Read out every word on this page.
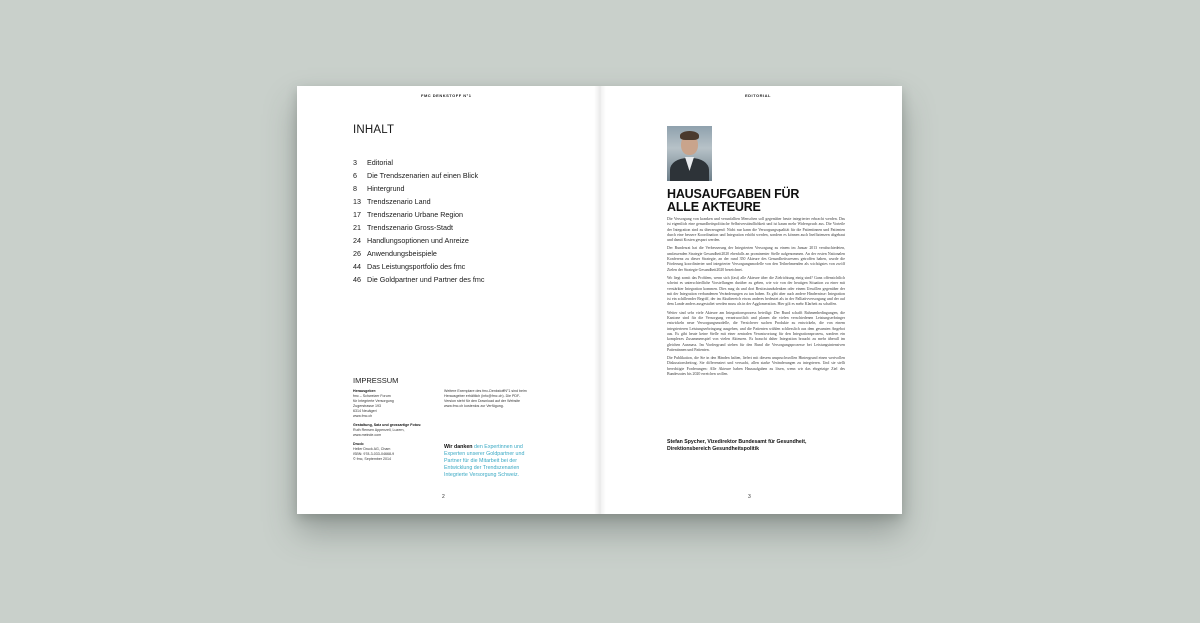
FMC DENKSTOFF N°1
INHALT
3 Editorial
6 Die Trendszenarien auf einen Blick
8 Hintergrund
13 Trendszenario Land
17 Trendszenario Urbane Region
21 Trendszenario Gross-Stadt
24 Handlungsoptionen und Anreize
26 Anwendungsbeispiele
44 Das Leistungsportfolio des fmc
46 Die Goldpartner und Partner des fmc
IMPRESSUM
Herausgeber:
fmc – Schweizer Forum
für Integrierte Versorgung
Zugerstrasse 193
6314 Neuägeri
www.fmc.ch
Gestaltung, Satz und grossartige Fotos:
Ruth Rensen Appenzell, Luzern,
www.meinde.com
Druck:
Heller Druck AG, Cham
ISBN: 978-3-033-04668-9
© fmc, September 2014
Weitere Exemplare des fmc-DenkstoffN°1 sind beim Herausgeber erhältlich (info@fmc.ch). Die PDF-Version steht für den Download auf der Website www.fmc.ch kostenlos zur Verfügung.
Wir danken den Expertinnen und Experten unserer Goldpartner und Partner für die Mitarbeit bei der Entwicklung der Trendszenarien Integrierte Versorgung Schweiz.
2
EDITORIAL
HAUSAUFGABEN FÜR
ALLE AKTEURE

Die Versorgung von kranken und verunfallten Menschen soll gegenüber heute integrierter erbracht werden. Das ist eigentlich eine gesundheitspolitische Selbstverständlichkeit und ist kaum mehr Widerspruch aus. Die Vorteile der Integration sind zu überzeugend: Nicht nur kann die Versorgungsqualität für die Patientinnen und Patienten durch eine bessere Koordination und Integration erhöht werden, sondern es können auch Ineffizienzen abgebaut und damit Kosten gespart werden.

Der Bundesrat hat die Verbesserung der Integrierten Versorgung zu einem im Januar 2013 verabschiedeten, umfassenden Strategie Gesundheit2020 ebenfalls an prominenter Stelle aufgenommen. An der ersten Nationalen Konferenz zu dieser Strategie, an der rund 350 Akteure des Gesundheitswesens getroffen haben, wurde die Förderung koordinierter und integrierter Versorgungsmodelle von den Teilnehmenden als wichtigstes von zwölf Zielen der Strategie Gesundheit2020 bezeichnet.

Wo liegt somit das Problem, wenn sich (fast) alle Akteure über die Zielrichtung einig sind? Ganz offensichtlich scheint es unterschiedliche Vorstellungen darüber zu geben, wie wir von der heutigen Situation zu einer mit verstärkter Integration kommen. Dies mag da und dort Besitzstandsdenken oder einem Unwillen gegenüber der mit der Integration verbundenen Veränderungen zu tun haben. Es gibt aber auch andere Hindernisse: Integration ist ein schillernder Begriff, der im Akutbereich etwas anderes bedeutet als in der Palliativversorgung und der auf dem Lande anders ausgestaltet werden muss als in der Agglomeration. Hier gilt es mehr Klarheit zu schaffen.

Weiter sind sehr viele Akteure am Integrationsprozess beteiligt: Der Bund schafft Rahmenbedingungen, die Kantone sind für die Versorgung verantwortlich und planen die vielen verschiedenen Leistungserbringer entwickeln neue Versorgungsmodelle, die Versicherer suchen Produkte zu entwickeln, die von einem integrierteren Leistungserbringung ausgehen, und die Patienten wählen schliesslich aus dem gesamten Angebot aus. Es gibt heute keine Stelle mit einer zentralen Verantwortung für den Integrationsprozess, sondern ein komplexes Zusammenspiel von vielen Akteuren. Es braucht daher Integration braucht zu mehr überall im gleichen Ausmass. Im Vordergrund stehen für den Bund die Versorgungsprozesse bei Leistungsintensiven Patientinnen und Patienten.

Die Publikation, die Sie in den Händen halten, liefert mit diesem anspruchsvollen Hintergrund einen wertvollen Diskussionsbeitrag. Sie differenziert und versucht, allen starke Veränderungen zu integrieren. Und sie stellt berechtigte Forderungen: Alle Akteure haben Hausaufgaben zu lösen, wenn wir das ehrgeizige Ziel des Bundesrates bis 2020 erreichen wollen.

Stefan Spycher, Vizedirektor Bundesamt für Gesundheit,
Direktionsbereich Gesundheitspolitik
3
